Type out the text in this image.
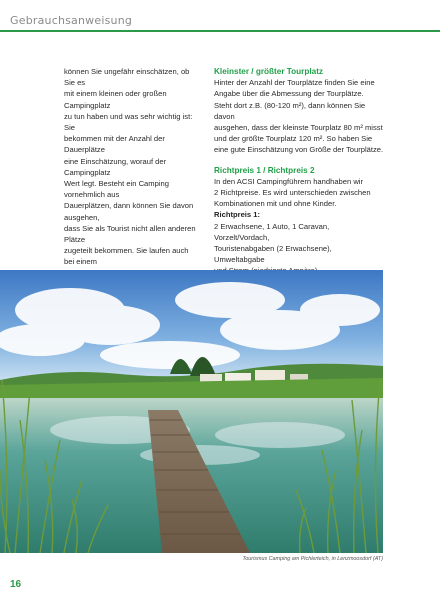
Gebrauchsanweisung

können Sie ungefähr einschätzen, ob Sie es

mit einem kleinen oder großen Campingplatz

zu tun haben und was sehr wichtig ist: Sie

bekommen mit der Anzahl der Dauerplätze

eine Einschätzung, worauf der Campingplatz

Wert legt. Besteht ein Camping vornehmlich aus

Dauerplätzen, dann können Sie davon ausgehen,

dass Sie als Tourist nicht allen anderen Plätze

zugeteilt bekommen. Sie laufen auch bei einem

Kleinster / größter Tourplatz

Hinter der Anzahl der Tourplätze finden Sie eine

Angabe über die Abmessung der Tourplätze.

Steht dort z.B. (80-120 m²), dann können Sie davon

ausgehen, dass der kleinste Tourplatz 80 m² misst

und der größte Tourplatz 120 m². So haben Sie

eine gute Einschätzung von Größe der Tourplätze.

Richtpreis 1 / Richtpreis 2

In den ACSI Campingführern handhaben wir

2 Richtpreise. Es wird unterschieden zwischen

Kombinationen mit und ohne Kinder.

Richtpreis 1:

2 Erwachsene, 1 Auto, 1 Caravan, Vorzelt/Vordach,

Touristenabgaben (2 Erwachsene), Umweltabgabe

Tourismus Camping am Pichlerteich, in Lenzmoosdorf (AT)
16
